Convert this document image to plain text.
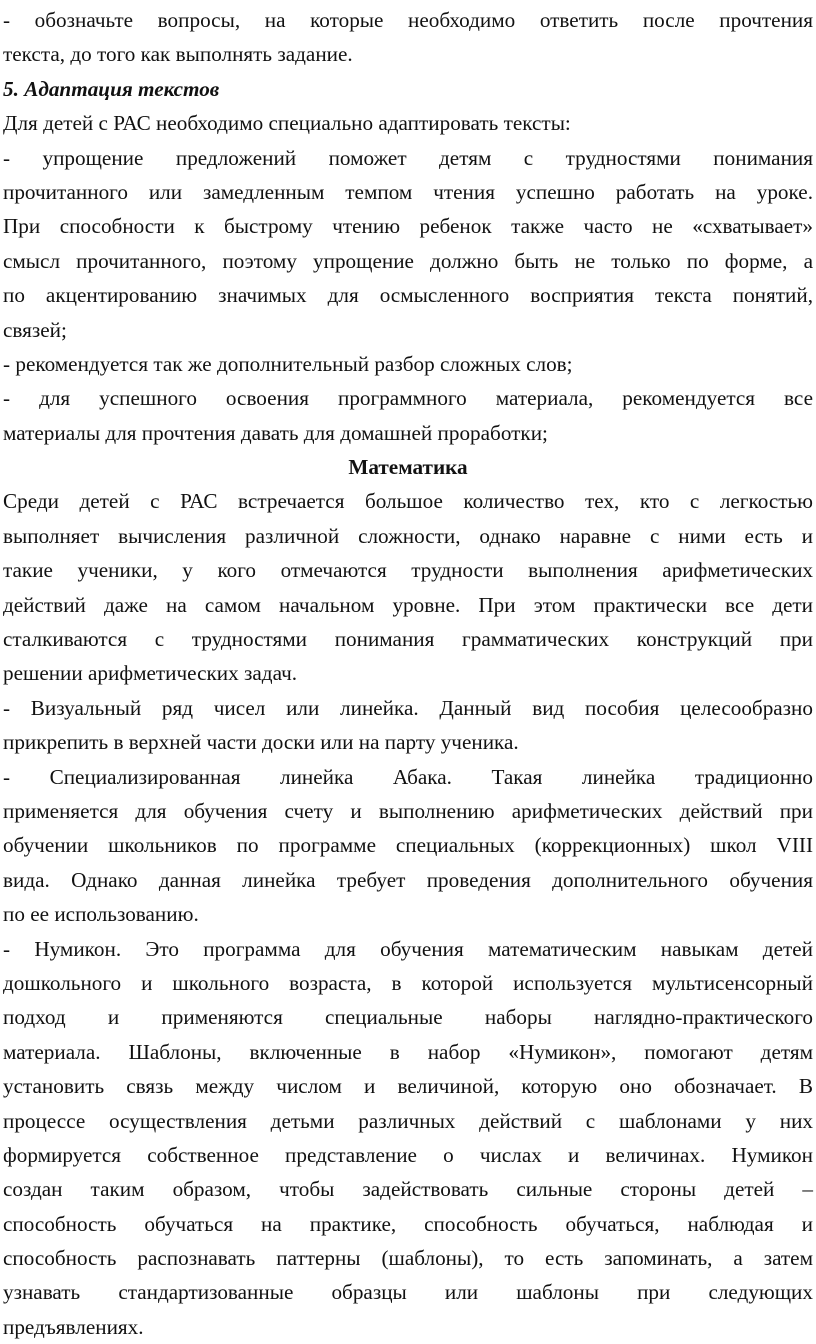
- обозначьте вопросы, на которые необходимо ответить после прочтения
текста, до того как выполнять задание.
5. Адаптация текстов
Для детей с РАС необходимо специально адаптировать тексты:
- упрощение предложений поможет детям с трудностями понимания
прочитанного или замедленным темпом чтения успешно работать на уроке.
При способности к быстрому чтению ребенок также часто не «схватывает»
смысл прочитанного, поэтому упрощение должно быть не только по форме, а
по акцентированию значимых для осмысленного восприятия текста понятий,
связей;
- рекомендуется так же дополнительный разбор сложных слов;
- для успешного освоения программного материала, рекомендуется все
материалы для прочтения давать для домашней проработки;
Математика
Среди детей с РАС встречается большое количество тех, кто с легкостью
выполняет вычисления различной сложности, однако наравне с ними есть и
такие ученики, у кого отмечаются трудности выполнения арифметических
действий даже на самом начальном уровне. При этом практически все дети
сталкиваются с трудностями понимания грамматических конструкций при
решении арифметических задач.
- Визуальный ряд чисел или линейка. Данный вид пособия целесообразно
прикрепить в верхней части доски или на парту ученика.
- Специализированная линейка Абака. Такая линейка традиционно
применяется для обучения счету и выполнению арифметических действий при
обучении школьников по программе специальных (коррекционных) школ VIII
вида. Однако данная линейка требует проведения дополнительного обучения
по ее использованию.
- Нумикон. Это программа для обучения математическим навыкам детей
дошкольного и школьного возраста, в которой используется мультисенсорный
подход и применяются специальные наборы наглядно-практического
материала. Шаблоны, включенные в набор «Нумикон», помогают детям
установить связь между числом и величиной, которую оно обозначает. В
процессе осуществления детьми различных действий с шаблонами у них
формируется собственное представление о числах и величинах. Нумикон
создан таким образом, чтобы задействовать сильные стороны детей –
способность обучаться на практике, способность обучаться, наблюдая и
способность распознавать паттерны (шаблоны), то есть запоминать, а затем
узнавать стандартизованные образцы или шаблоны при следующих
предъявлениях.
